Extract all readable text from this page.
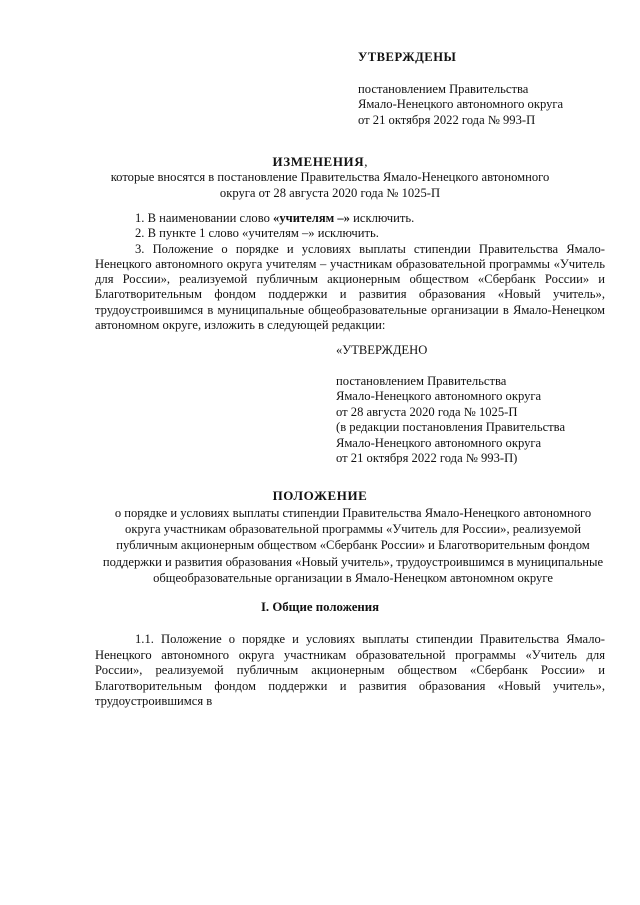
УТВЕРЖДЕНЫ
постановлением Правительства
Ямало-Ненецкого автономного округа
от 21 октября 2022 года № 993-П
ИЗМЕНЕНИЯ,
которые вносятся в постановление Правительства Ямало-Ненецкого автономного округа от 28 августа 2020 года № 1025-П

1. В наименовании слово «учителям –» исключить.

2. В пункте 1 слово «учителям –» исключить.

3. Положение о порядке и условиях выплаты стипендии Правительства Ямало-Ненецкого автономного округа учителям – участникам образовательной программы «Учитель для России», реализуемой публичным акционерным обществом «Сбербанк России» и Благотворительным фондом поддержки и развития образования «Новый учитель», трудоустроившимся в муниципальные общеобразовательные организации в Ямало-Ненецком автономном округе, изложить в следующей редакции:

«УТВЕРЖДЕНО
постановлением Правительства
Ямало-Ненецкого автономного округа
от 28 августа 2020 года № 1025-П
(в редакции постановления Правительства
Ямало-Ненецкого автономного округа
от 21 октября 2022 года № 993-П)
ПОЛОЖЕНИЕ
о порядке и условиях выплаты стипендии Правительства Ямало-Ненецкого автономного округа участникам образовательной программы «Учитель для России», реализуемой публичным акционерным обществом «Сбербанк России» и Благотворительным фондом поддержки и развития образования «Новый учитель», трудоустроившимся в муниципальные общеобразовательные организации в Ямало-Ненецком автономном округе
I. Общие положения

1.1. Положение о порядке и условиях выплаты стипендии Правительства Ямало-Ненецкого автономного округа участникам образовательной программы «Учитель для России», реализуемой публичным акционерным обществом «Сбербанк России» и Благотворительным фондом поддержки и развития образования «Новый учитель», трудоустроившимся в
